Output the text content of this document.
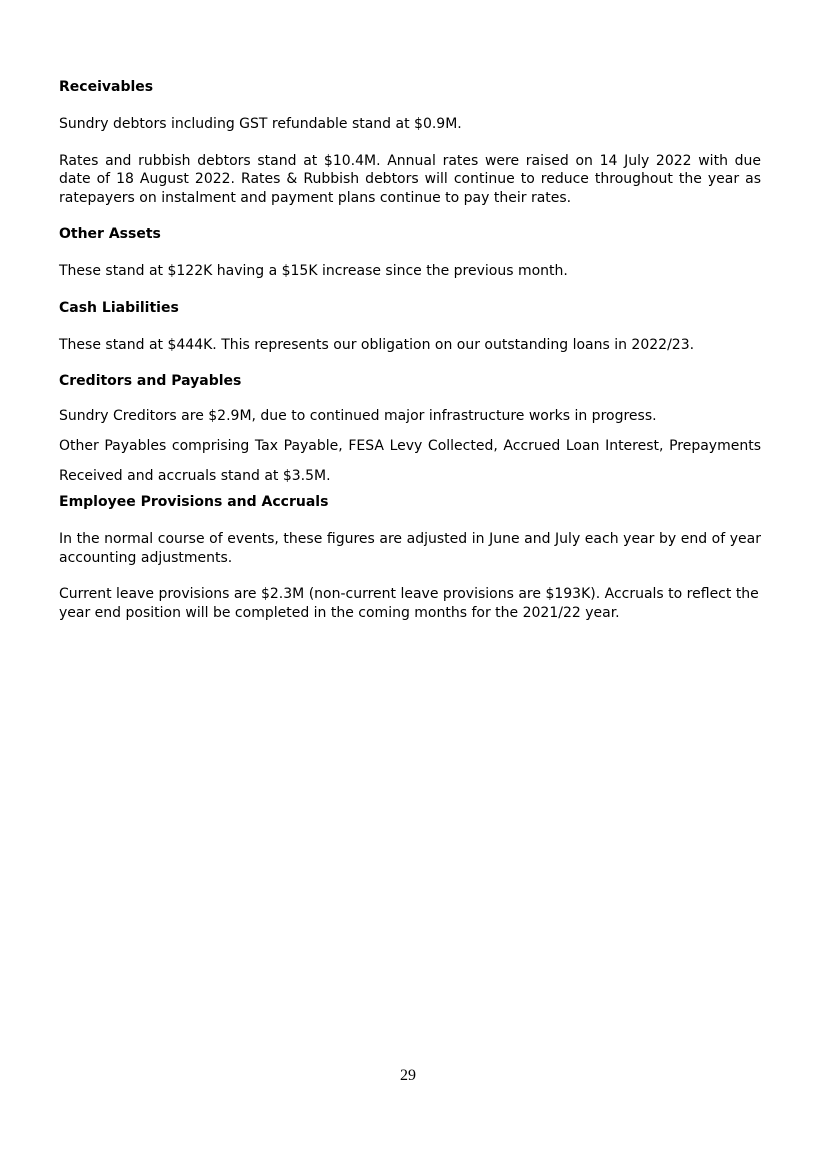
Receivables

Sundry debtors including GST refundable stand at $0.9M.

Rates and rubbish debtors stand at $10.4M. Annual rates were raised on 14 July 2022 with due date of 18 August 2022. Rates & Rubbish debtors will continue to reduce throughout the year as ratepayers on instalment and payment plans continue to pay their rates.

Other Assets

These stand at $122K having a $15K increase since the previous month.

Cash Liabilities

These stand at $444K. This represents our obligation on our outstanding loans in 2022/23.

Creditors and Payables

Sundry Creditors are $2.9M, due to continued major infrastructure works in progress.

Other Payables comprising Tax Payable, FESA Levy Collected, Accrued Loan Interest, Prepayments Received and accruals stand at $3.5M.

Employee Provisions and Accruals

In the normal course of events, these figures are adjusted in June and July each year by end of year accounting adjustments.

Current leave provisions are $2.3M (non-current leave provisions are $193K). Accruals to reflect the year end position will be completed in the coming months for the 2021/22 year.

29
